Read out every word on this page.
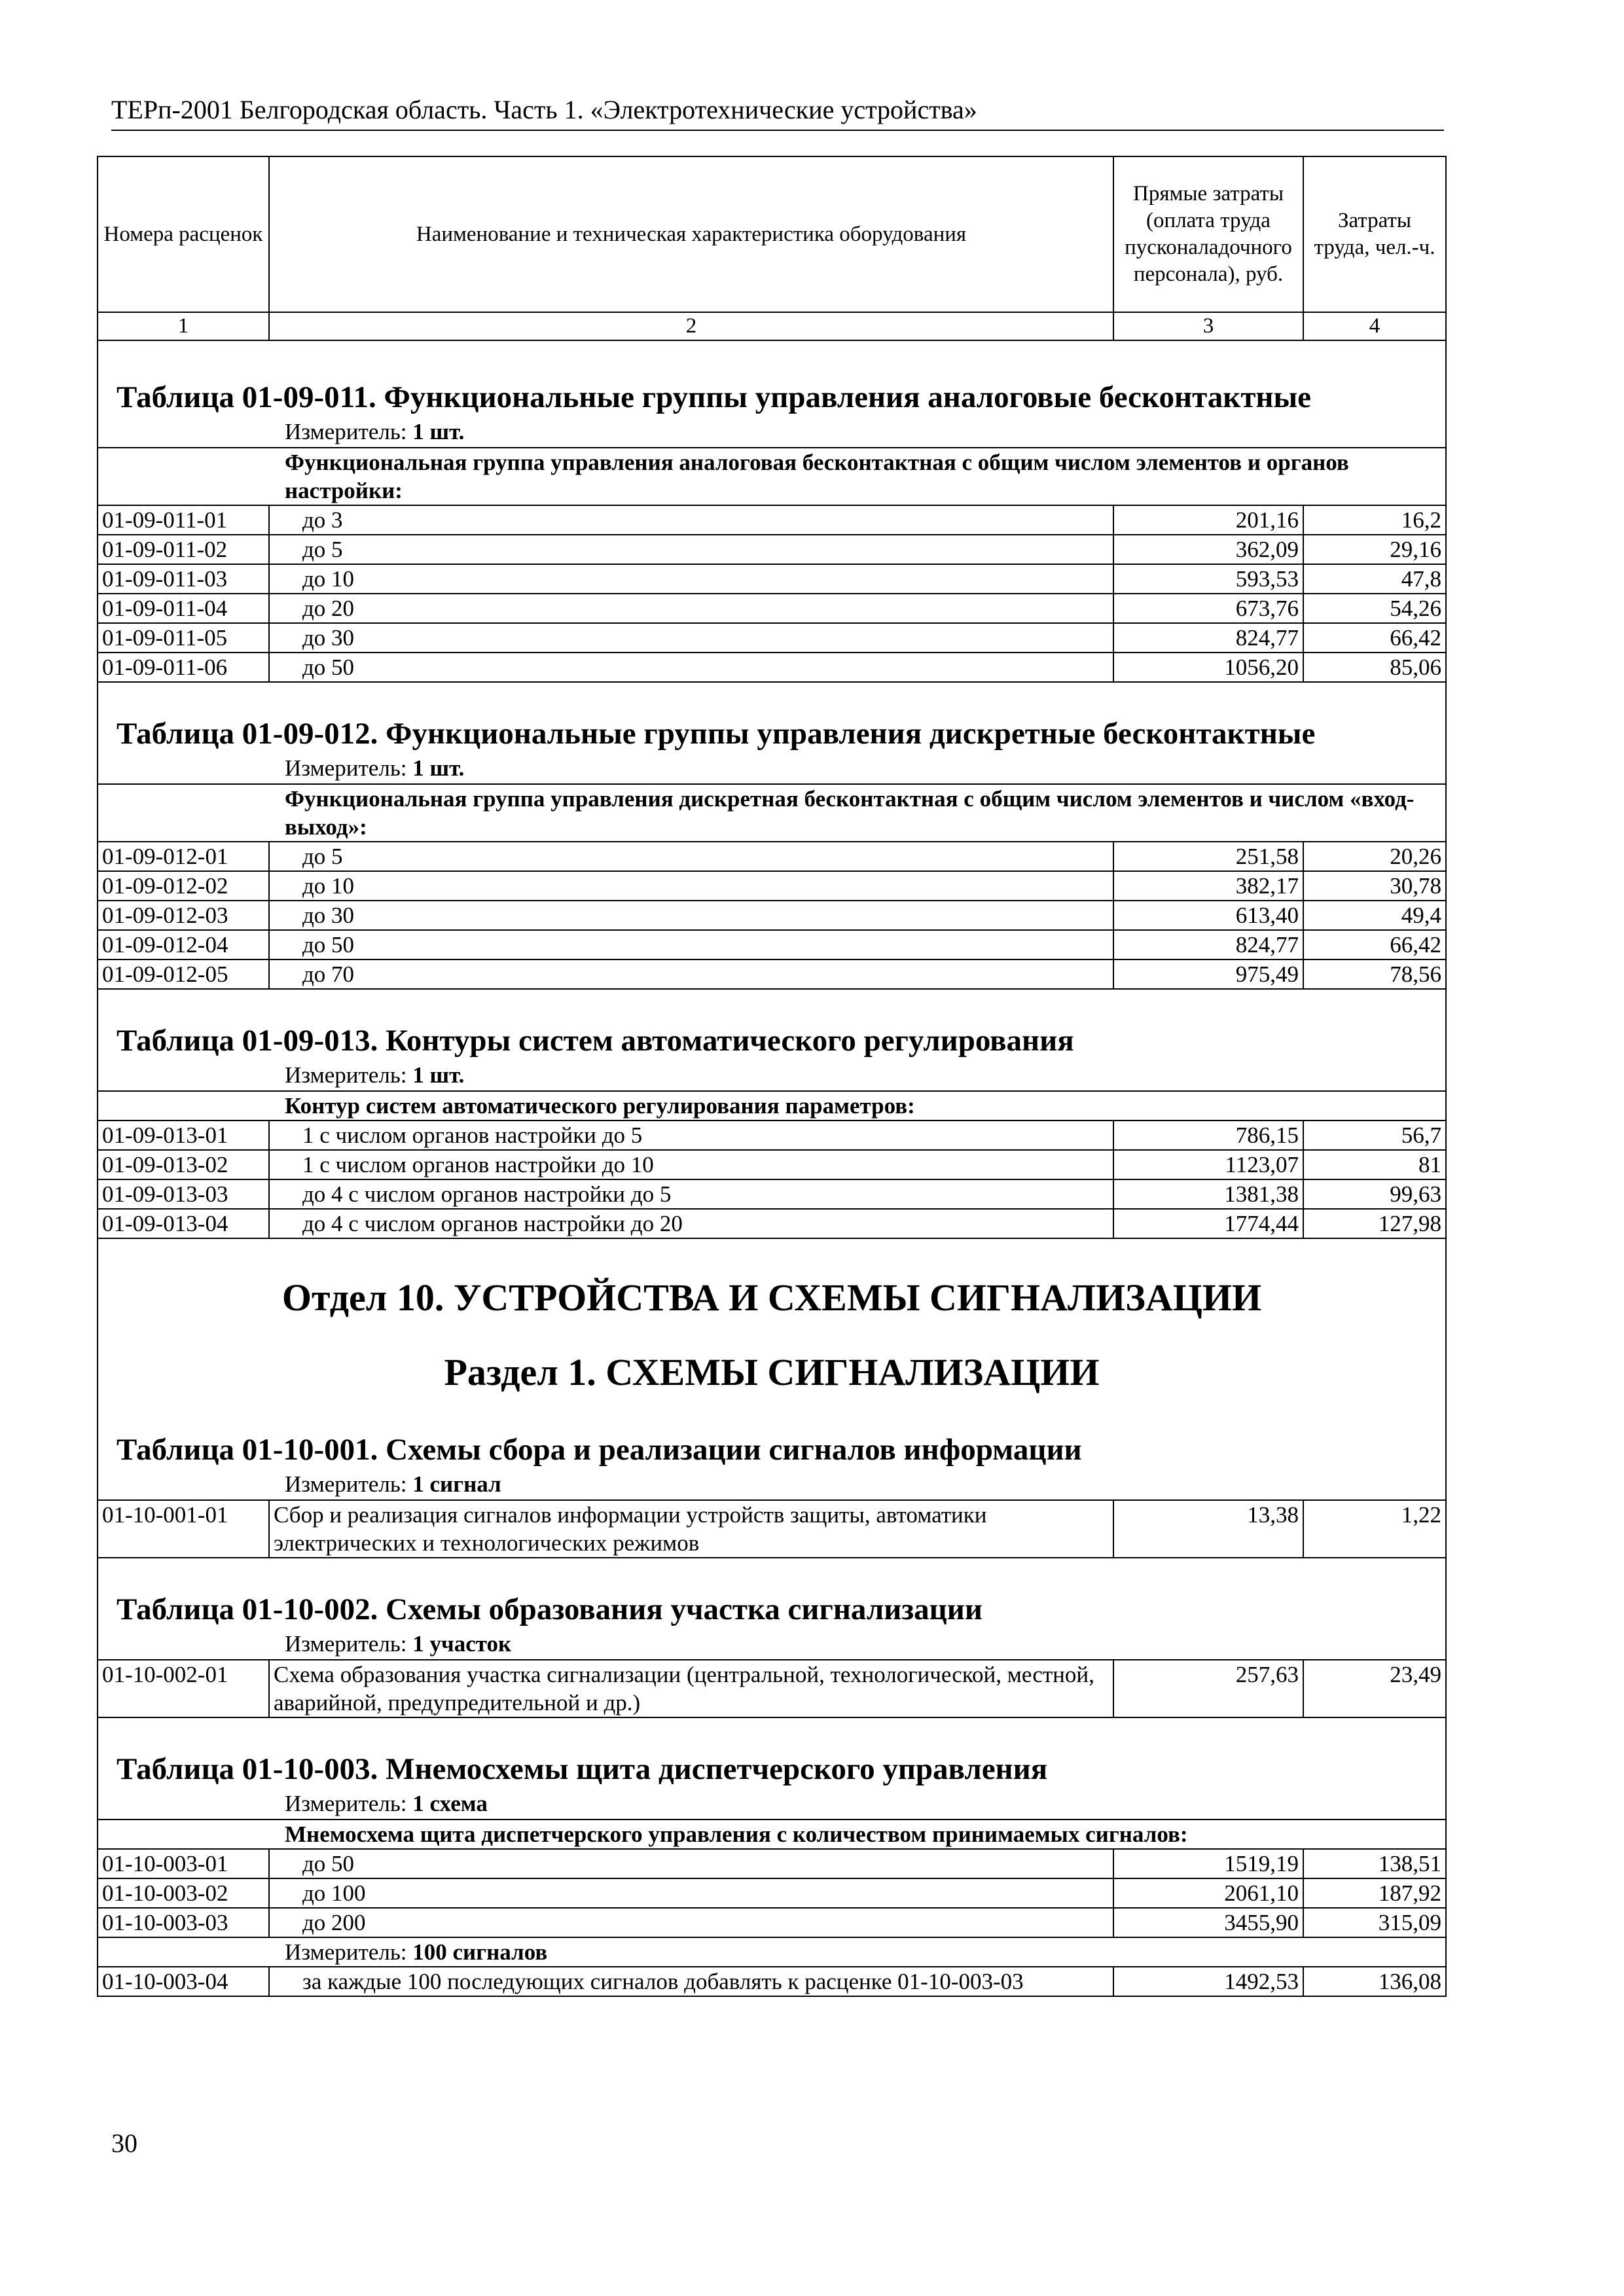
ТЕРп-2001 Белгородская область. Часть 1. «Электротехнические устройства»
Номера расценок	Наименование и техническая характеристика оборудования	Прямые затраты (оплата труда пусконаладочного персонала), руб.	Затраты труда, чел.-ч.
1	2	3	4
Таблица 01-09-011. Функциональные группы управления аналоговые бесконтактные			
Измеритель: 1 шт.			
Функциональная группа управления аналоговая бесконтактная с общим числом элементов и органов настройки:			
01-09-011-01	до 3	201,16	16,2
01-09-011-02	до 5	362,09	29,16
01-09-011-03	до 10	593,53	47,8
01-09-011-04	до 20	673,76	54,26
01-09-011-05	до 30	824,77	66,42
01-09-011-06	до 50	1056,20	85,06
Таблица 01-09-012. Функциональные группы управления дискретные бесконтактные			
Измеритель: 1 шт.			
Функциональная группа управления дискретная бесконтактная с общим числом элементов и числом «вход-выход»:			
01-09-012-01	до 5	251,58	20,26
01-09-012-02	до 10	382,17	30,78
01-09-012-03	до 30	613,40	49,4
01-09-012-04	до 50	824,77	66,42
01-09-012-05	до 70	975,49	78,56
Таблица 01-09-013. Контуры систем автоматического регулирования			
Измеритель: 1 шт.			
Контур систем автоматического регулирования параметров:			
01-09-013-01	1 с числом органов настройки до 5	786,15	56,7
01-09-013-02	1 с числом органов настройки до 10	1123,07	81
01-09-013-03	до 4 с числом органов настройки до 5	1381,38	99,63
01-09-013-04	до 4 с числом органов настройки до 20	1774,44	127,98
Отдел 10. УСТРОЙСТВА И СХЕМЫ СИГНАЛИЗАЦИИ			
Раздел 1. СХЕМЫ СИГНАЛИЗАЦИИ			
Таблица 01-10-001. Схемы сбора и реализации сигналов информации			
Измеритель: 1 сигнал			
01-10-001-01	Сбор и реализация сигналов информации устройств защиты, автоматики электрических и технологических режимов	13,38	1,22
Таблица 01-10-002. Схемы образования участка сигнализации			
Измеритель: 1 участок			
01-10-002-01	Схема образования участка сигнализации (центральной, технологической, местной, аварийной, предупредительной и др.)	257,63	23,49
Таблица 01-10-003. Мнемосхемы щита диспетчерского управления			
Измеритель: 1 схема			
Мнемосхема щита диспетчерского управления с количеством принимаемых сигналов:			
01-10-003-01	до 50	1519,19	138,51
01-10-003-02	до 100	2061,10	187,92
01-10-003-03	до 200	3455,90	315,09
Измеритель: 100 сигналов			
01-10-003-04	за каждые 100 последующих сигналов добавлять к расценке 01-10-003-03	1492,53	136,08
30
